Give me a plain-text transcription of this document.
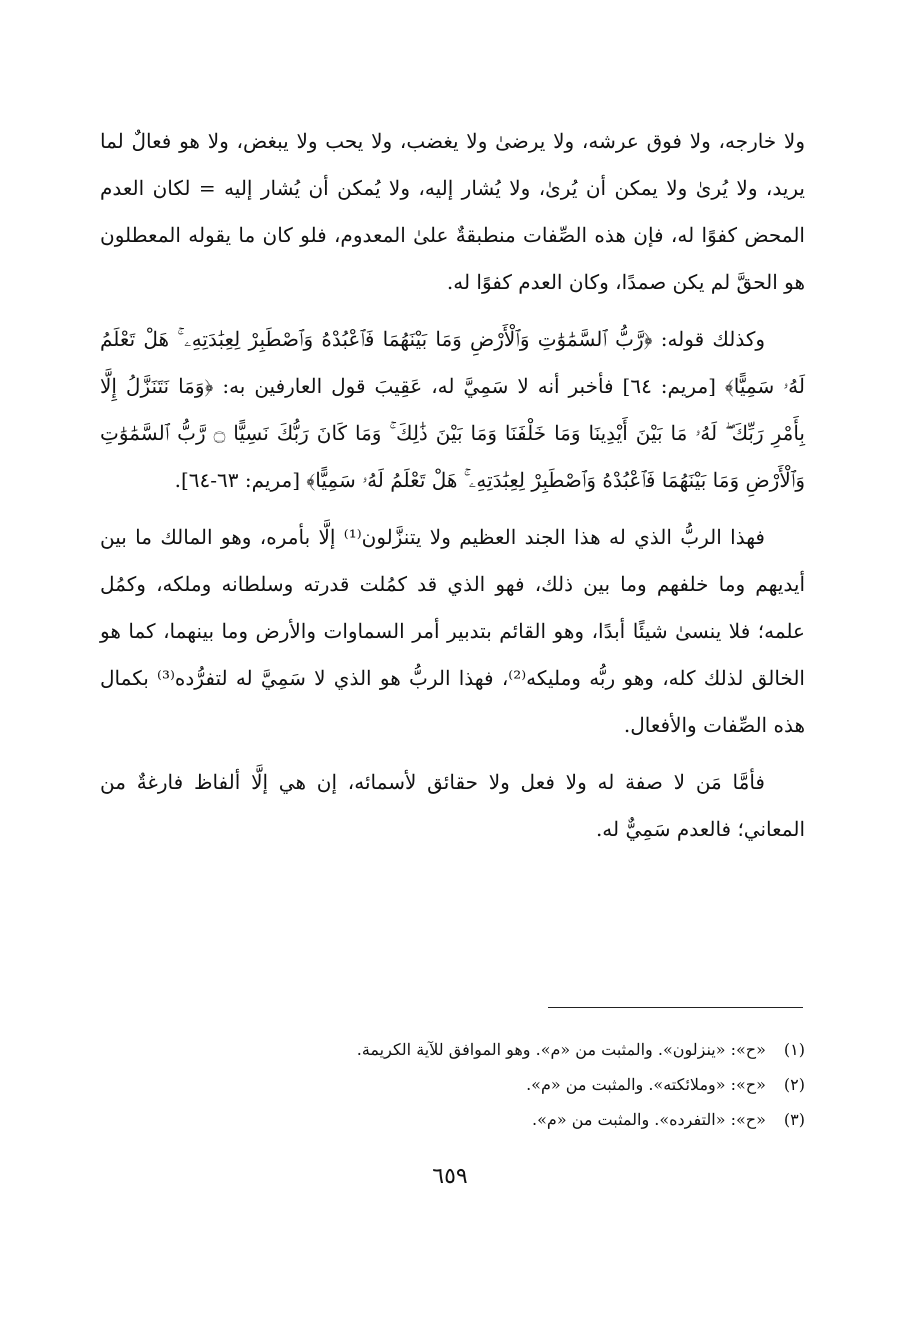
ولا خارجه، ولا فوق عرشه، ولا يرضىٰ ولا يغضب، ولا يحب ولا يبغض، ولا هو فعالٌ لما يريد، ولا يُرىٰ ولا يمكن أن يُرىٰ، ولا يُشار إليه، ولا يُمكن أن يُشار إليه = لكان العدم المحض كفوًا له، فإن هذه الصِّفات منطبقةٌ علىٰ المعدوم، فلو كان ما يقوله المعطلون هو الحقَّ لم يكن صمدًا، وكان العدم كفوًا له.

وكذلك قوله: ﴿رَّبُّ ٱلسَّمَٰوَٰتِ وَٱلْأَرْضِ وَمَا بَيْنَهُمَا فَٱعْبُدْهُ وَٱصْطَبِرْ لِعِبَٰدَتِهِۦ ۚ هَلْ تَعْلَمُ لَهُۥ سَمِيًّا﴾ [مريم: ٦٤] فأخبر أنه لا سَمِيَّ له، عَقِيبَ قول العارفين به: ﴿وَمَا نَتَنَزَّلُ إِلَّا بِأَمْرِ رَبِّكَ ۖ لَهُۥ مَا بَيْنَ أَيْدِينَا وَمَا خَلْفَنَا وَمَا بَيْنَ ذَٰلِكَ ۚ وَمَا كَانَ رَبُّكَ نَسِيًّا ۝ رَّبُّ ٱلسَّمَٰوَٰتِ وَٱلْأَرْضِ وَمَا بَيْنَهُمَا فَٱعْبُدْهُ وَٱصْطَبِرْ لِعِبَٰدَتِهِۦ ۚ هَلْ تَعْلَمُ لَهُۥ سَمِيًّا﴾ [مريم: ٦٣-٦٤].

فهذا الربُّ الذي له هذا الجند العظيم ولا يتنزَّلون⁽¹⁾ إلَّا بأمره، وهو المالك ما بين أيديهم وما خلفهم وما بين ذلك، فهو الذي قد كمُلت قدرته وسلطانه وملكه، وكمُل علمه؛ فلا ينسىٰ شيئًا أبدًا، وهو القائم بتدبير أمر السماوات والأرض وما بينهما، كما هو الخالق لذلك كله، وهو ربُّه ومليكه⁽²⁾، فهذا الربُّ هو الذي لا سَمِيَّ له لتفرُّده⁽³⁾ بكمال هذه الصِّفات والأفعال.

فأمَّا مَن لا صفة له ولا فعل ولا حقائق لأسمائه، إن هي إلَّا ألفاظ فارغةٌ من المعاني؛ فالعدم سَمِيٌّ له.

(١) «ح»: «ينزلون». والمثبت من «م». وهو الموافق للآية الكريمة.

(٢) «ح»: «وملائكته». والمثبت من «م».

(٣) «ح»: «التفرده». والمثبت من «م».

٦٥٩
